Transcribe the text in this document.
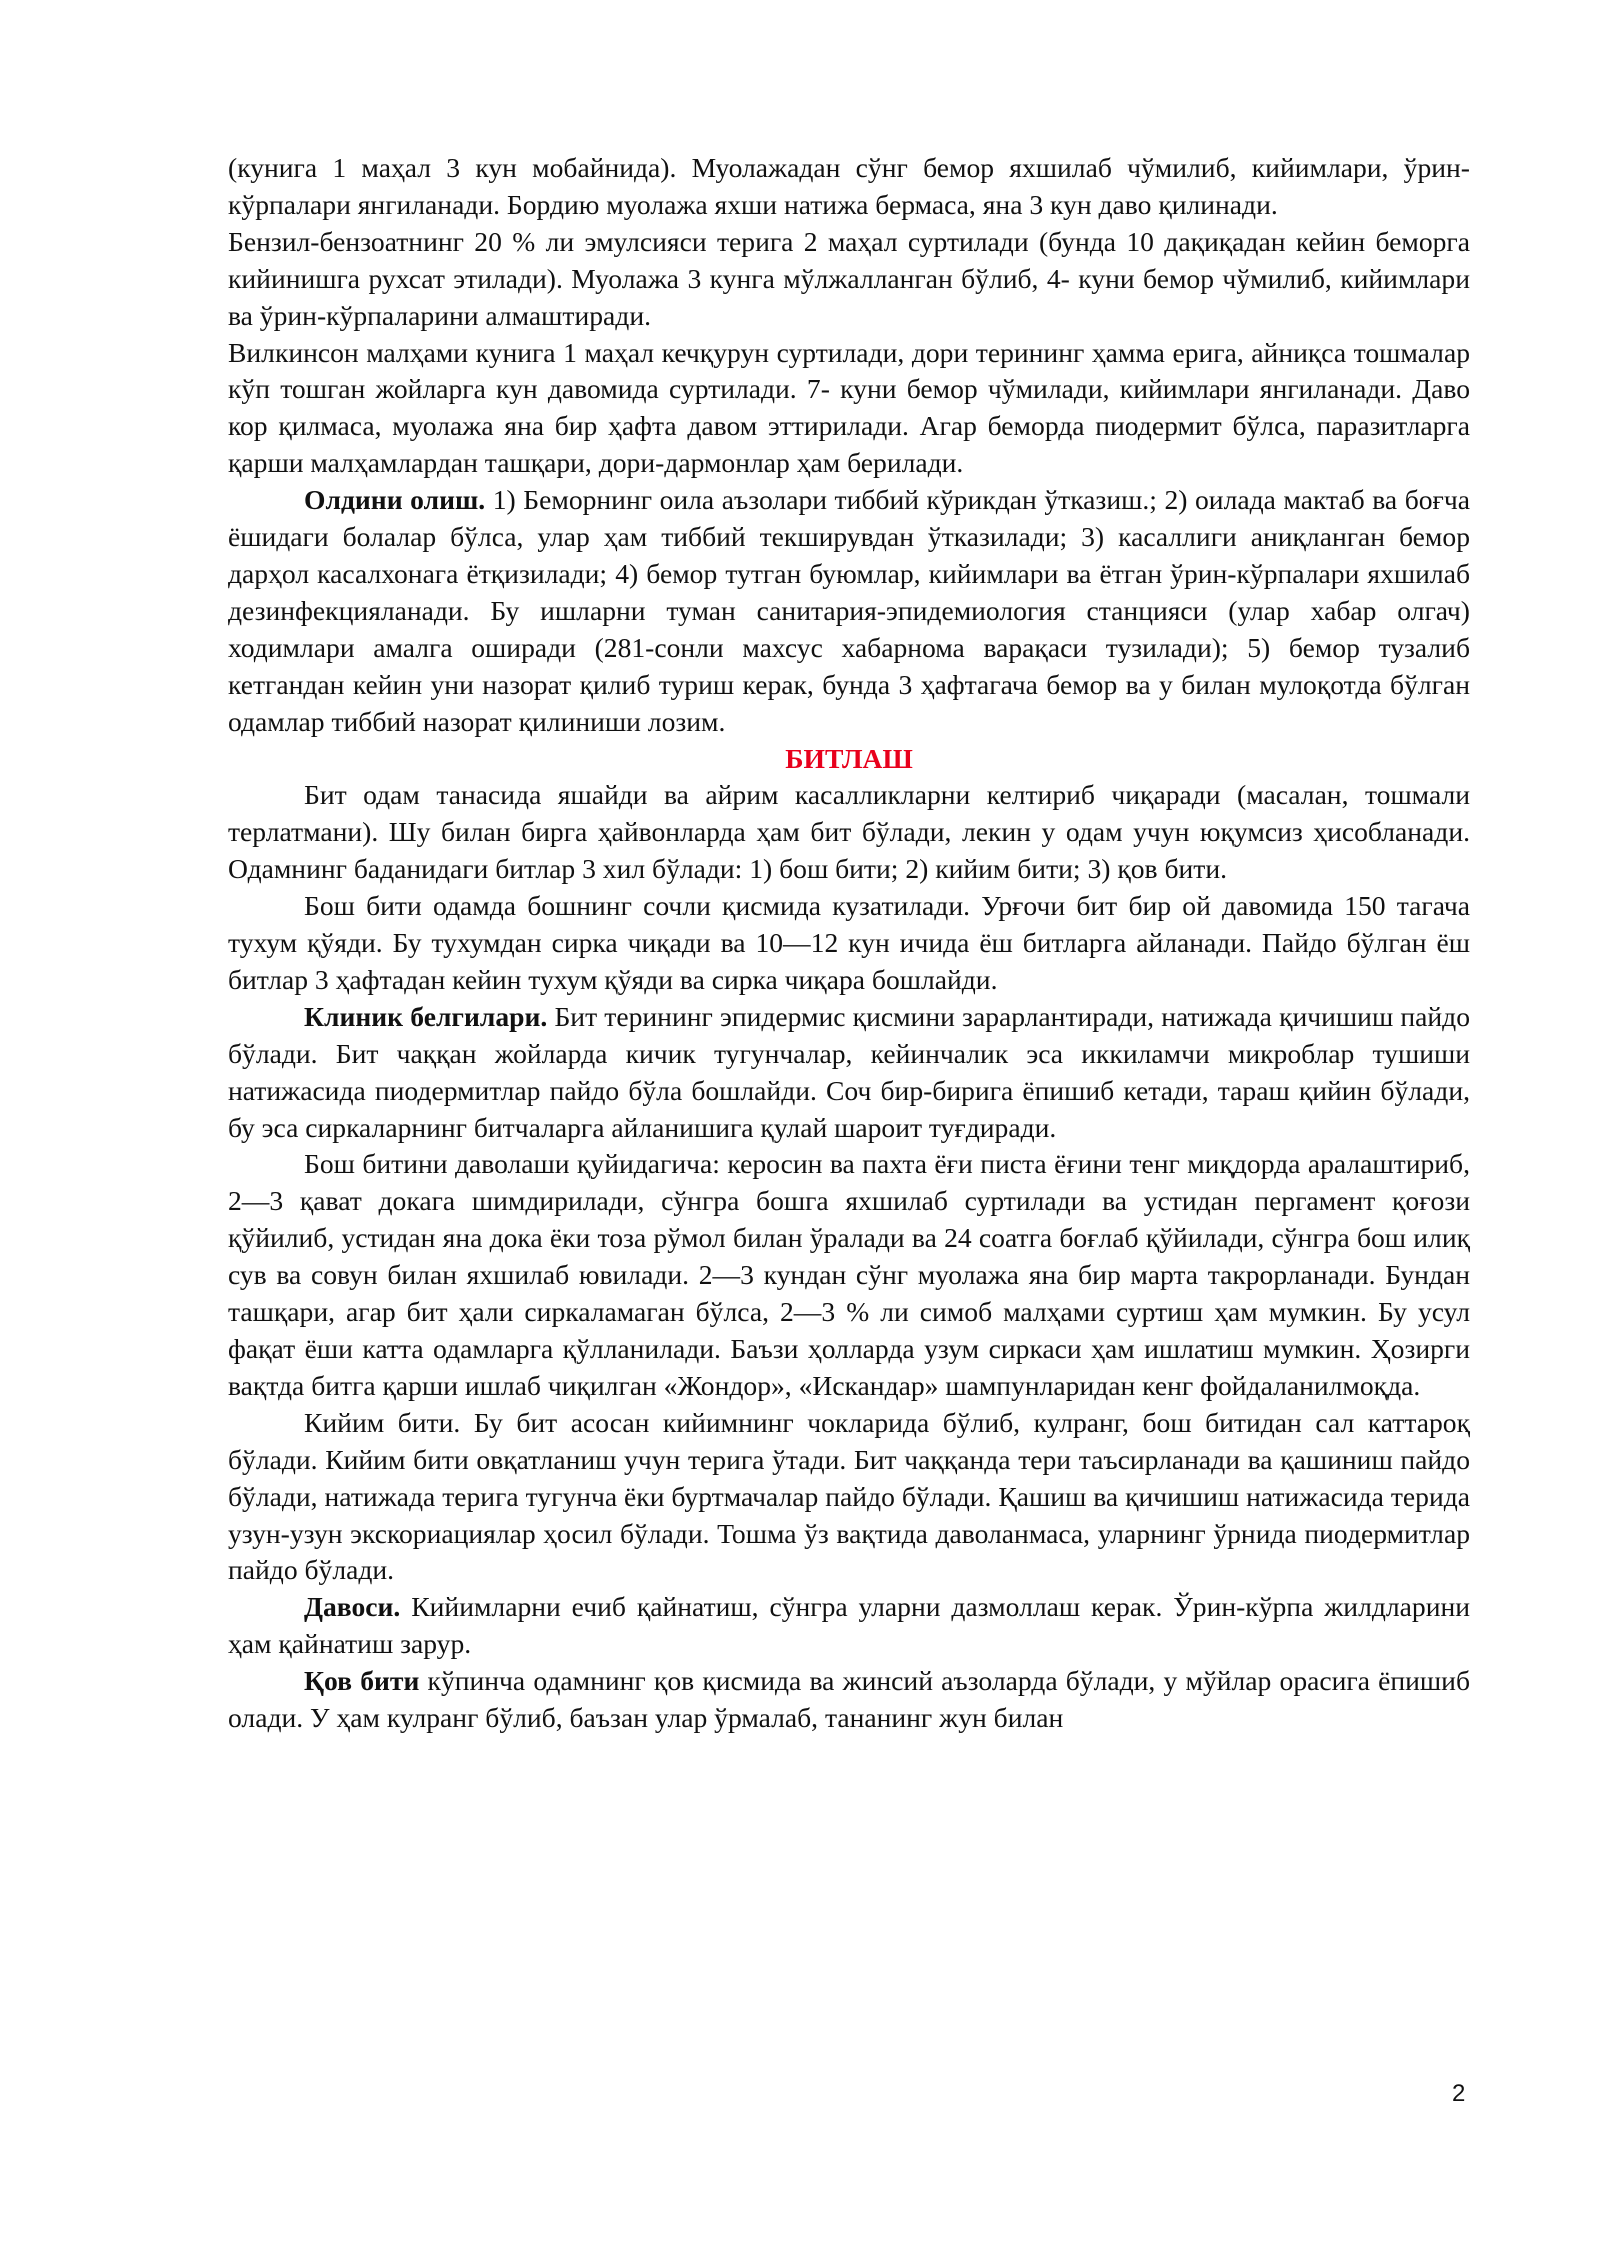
(кунига 1 маҳал 3 кун мобайнида). Муолажадан сўнг бемор яхшилаб чўмилиб, кийимлари, ўрин-кўрпалари янгиланади. Бордию муолажа яхши натижа бермаса, яна 3 кун даво қилинади.

Бензил-бензоатнинг 20 % ли эмулсияси терига 2 маҳал суртилади (бунда 10 дақиқадан кейин беморга кийинишга рухсат этилади). Муолажа 3 кунга мўлжалланган бўлиб, 4- куни бемор чўмилиб, кийимлари ва ўрин-кўрпаларини алмаштиради.

Вилкинсон малҳами кунига 1 маҳал кечқурун суртилади, дори терининг ҳамма ерига, айниқса тошмалар кўп тошган жойларга кун давомида суртилади. 7- куни бемор чўмилади, кийимлари янгиланади. Даво кор қилмаса, муолажа яна бир ҳафта давом эттирилади. Агар беморда пиодермит бўлса, паразитларга қарши малҳамлардан ташқари, дори-дармонлар ҳам берилади.

Олдини олиш. 1) Беморнинг оила аъзолари тиббий кўрикдан ўтказиш.; 2) оилада мактаб ва боғча ёшидаги болалар бўлса, улар ҳам тиббий текширувдан ўтказилади; 3) касаллиги аниқланган бемор дарҳол касалхонага ётқизилади; 4) бемор тутган буюмлар, кийимлари ва ётган ўрин-кўрпалари яхшилаб дезинфекцияланади. Бу ишларни туман санитария-эпидемиология станцияси (улар хабар олгач) ходимлари амалга оширади (281-сонли махсус хабарнома варақаси тузилади); 5) бемор тузалиб кетгандан кейин уни назорат қилиб туриш керак, бунда 3 ҳафтагача бемор ва у билан мулоқотда бўлган одамлар тиббий назорат қилиниши лозим.

БИТЛАШ

Бит одам танасида яшайди ва айрим касалликларни келтириб чиқаради (масалан, тошмали терлатмани). Шу билан бирга ҳайвонларда ҳам бит бўлади, лекин у одам учун юқумсиз ҳисобланади. Одамнинг баданидаги битлар 3 хил бўлади: 1) бош бити; 2) кийим бити; 3) қов бити.

Бош бити одамда бошнинг сочли қисмида кузатилади. Урғочи бит бир ой давомида 150 тагача тухум қўяди. Бу тухумдан сирка чиқади ва 10—12 кун ичида ёш битларга айланади. Пайдо бўлган ёш битлар 3 ҳафтадан кейин тухум қўяди ва сирка чиқара бошлайди.

Клиник белгилари. Бит терининг эпидермис қисмини зарарлантиради, натижада қичишиш пайдо бўлади. Бит чаққан жойларда кичик тугунчалар, кейинчалик эса иккиламчи микроблар тушиши натижасида пиодермитлар пайдо бўла бошлайди. Соч бир-бирига ёпишиб кетади, тараш қийин бўлади, бу эса сиркаларнинг битчаларга айланишига қулай шароит туғдиради.

Бош битини даволаши қуйидагича: керосин ва пахта ёғи писта ёғини тенг миқдорда аралаштириб, 2—3 қават докага шимдирилади, сўнгра бошга яхшилаб суртилади ва устидан пергамент қоғози қўйилиб, устидан яна дока ёки тоза рўмол билан ўралади ва 24 соатга боғлаб қўйилади, сўнгра бош илиқ сув ва совун билан яхшилаб ювилади. 2—3 кундан сўнг муолажа яна бир марта такрорланади. Бундан ташқари, агар бит ҳали сиркаламаган бўлса, 2—3 % ли симоб малҳами суртиш ҳам мумкин. Бу усул фақат ёши катта одамларга қўлланилади. Баъзи ҳолларда узум сиркаси ҳам ишлатиш мумкин. Ҳозирги вақтда битга қарши ишлаб чиқилган «Жондор», «Искандар» шампунларидан кенг фойдаланилмоқда.

Кийим бити. Бу бит асосан кийимнинг чокларида бўлиб, кулранг, бош битидан сал каттароқ бўлади. Кийим бити овқатланиш учун терига ўтади. Бит чаққанда тери таъсирланади ва қашиниш пайдо бўлади, натижада терига тугунча ёки буртмачалар пайдо бўлади. Қашиш ва қичишиш натижасида терида узун-узун экскориациялар ҳосил бўлади. Тошма ўз вақтида даволанмаса, уларнинг ўрнида пиодермитлар пайдо бўлади.

Давоси. Кийимларни ечиб қайнатиш, сўнгра уларни дазмоллаш керак. Ўрин-кўрпа жилдларини ҳам қайнатиш зарур.

Қов бити кўпинча одамнинг қов қисмида ва жинсий аъзоларда бўлади, у мўйлар орасига ёпишиб олади. У ҳам кулранг бўлиб, баъзан улар ўрмалаб, тананинг жун билан

2
